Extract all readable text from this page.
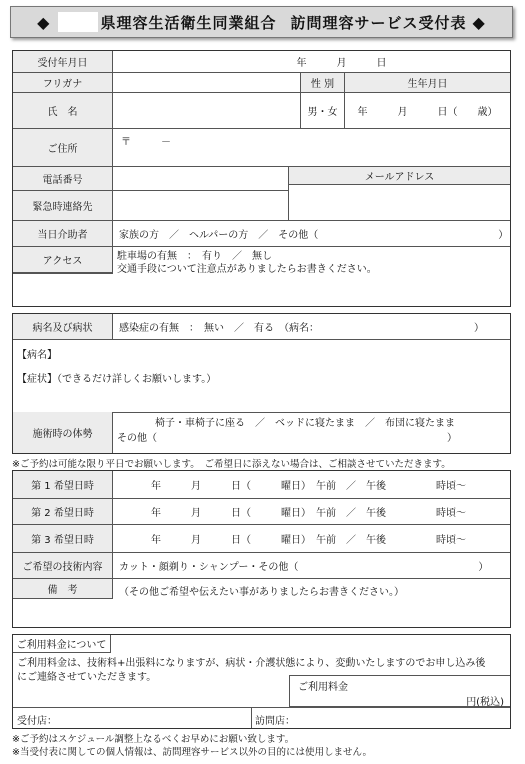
◆	県理容生活衛生同業組合 訪問理容サービス受付表 ◆
受付年月日	年　　　月　　　日
フリガナ	性 別	生年月日
氏　名	男・女	年　　　月　　　日（　　歳）
ご住所
〒　　　－
電話番号	メールアドレス
緊急時連絡先
当日介助者	家族の方　／　ヘルパーの方　／　その他（　　　　　　　　　　　　　　　　　　）
アクセス	駐車場の有無　：　有り　／　無し
交通手段について注意点がありましたらお書きください。
病名及び病状	感染症の有無　：　無い　／　有る　（病名：　　　　　　　　　　　　　　　　）
【病名】
【症状】（できるだけ詳しくお願いします。）
施術時の体勢
椅子・車椅子に座る　／　ベッドに寝たまま　／　布団に寝たまま
その他（　　　　　　　　　　　　　　　　　　　　　　　　　　　　　）
※ご予約は可能な限り平日でお願いします。　ご希望日に添えない場合は、ご相談させていただきます。
第 1 希望日時	年　　　月　　　日（　　　曜日）　午前　／　午後　　　　　時頃〜
第 2 希望日時	年　　　月　　　日（　　　曜日）　午前　／　午後　　　　　時頃〜
第 3 希望日時	年　　　月　　　日（　　　曜日）　午前　／　午後　　　　　時頃〜
ご希望の技術内容	カット・顔剃り・シャンプー・その他（　　　　　　　　　　　　　　　　　　）
備　考	（その他ご希望や伝えたい事がありましたらお書きください。）
ご利用料金について
ご利用料金は、技術料+出張料になりますが、病状・介護状態により、変動いたしますのでお申し込み後
にご連絡させていただきます。
ご利用料金
円(税込)
受付店：	訪問店：
※ご予約はスケジュール調整上なるべくお早めにお願い致します。
※当受付表に関しての個人情報は、訪問理容サービス以外の目的には使用しません。
